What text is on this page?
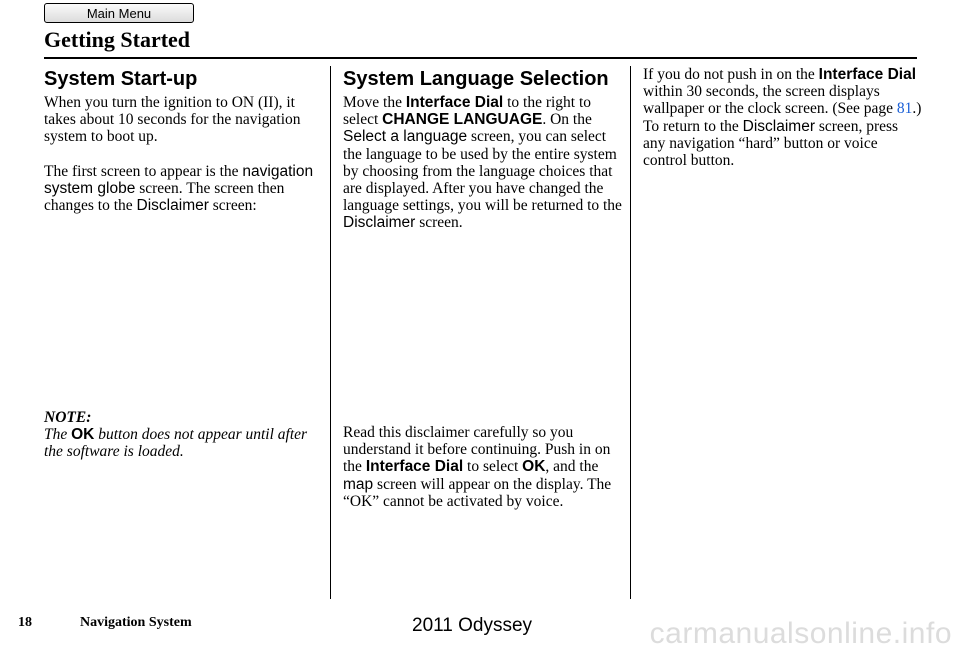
Main Menu
Getting Started
System Start-up

When you turn the ignition to ON (II), it takes about 10 seconds for the navigation system to boot up.

The first screen to appear is the navigation system globe screen. The screen then changes to the Disclaimer screen:

NOTE:
The OK button does not appear until after the software is loaded.
System Language Selection

Move the Interface Dial to the right to select CHANGE LANGUAGE. On the Select a language screen, you can select the language to be used by the entire system by choosing from the language choices that are displayed. After you have changed the language settings, you will be returned to the Disclaimer screen.

Read this disclaimer carefully so you understand it before continuing. Push in on the Interface Dial to select OK, and the map screen will appear on the display. The “OK” cannot be activated by voice.

If you do not push in on the Interface Dial within 30 seconds, the screen displays wallpaper or the clock screen. (See page 81.) To return to the Disclaimer screen, press any navigation “hard” button or voice control button.

18	Navigation System	2011 Odyssey	carmanualsonline.info
